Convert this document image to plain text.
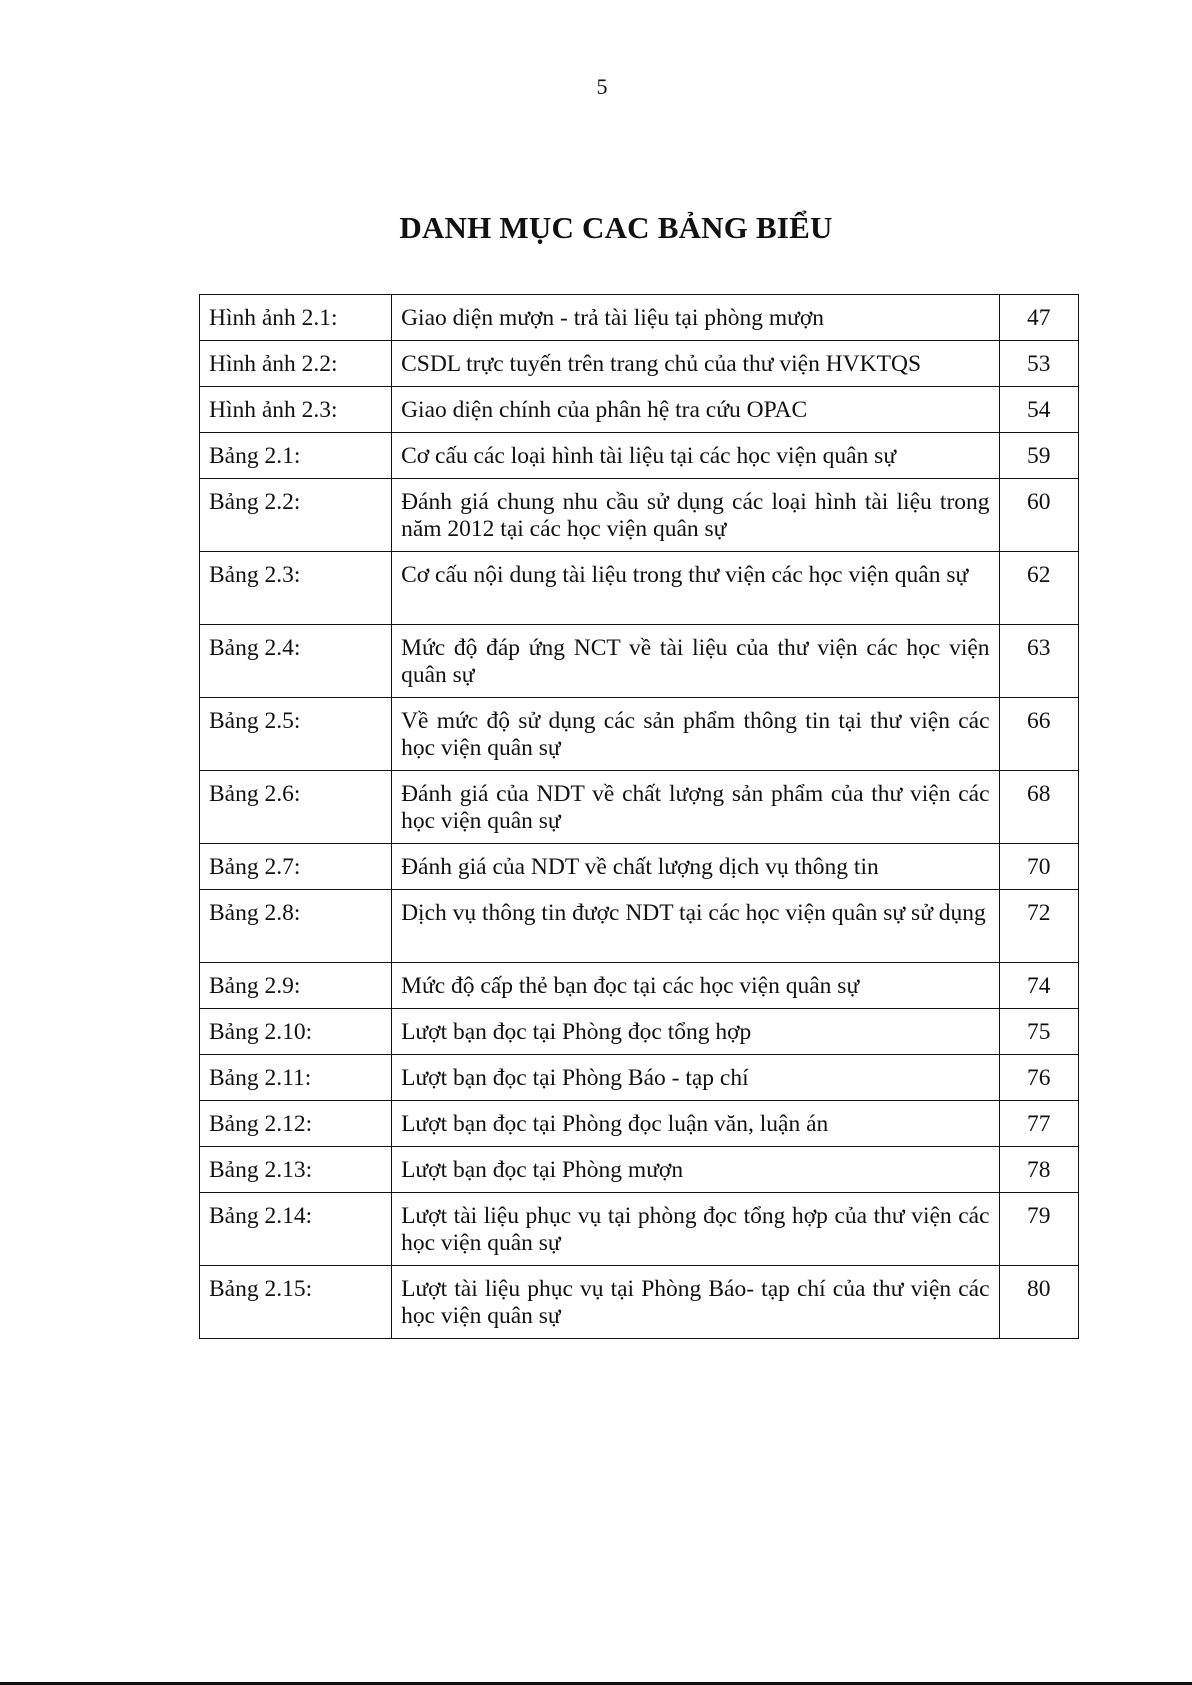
5
DANH MỤC CAC BẢNG BIỂU
Hình ảnh 2.1:	Giao diện mượn - trả tài liệu tại phòng mượn	47
Hình ảnh 2.2:	CSDL trực tuyến trên trang chủ của thư viện HVKTQS	53
Hình ảnh 2.3:	Giao diện chính của phân hệ tra cứu OPAC	54
Bảng 2.1:	Cơ cấu các loại hình tài liệu tại các học viện quân sự	59
Bảng 2.2:	Đánh giá chung nhu cầu sử dụng các loại hình tài liệu trong năm 2012 tại các học viện quân sự	60
Bảng 2.3:	Cơ cấu nội dung tài liệu trong thư viện các học viện quân sự	62
Bảng 2.4:	Mức độ đáp ứng NCT về tài liệu của thư viện các học viện quân sự	63
Bảng 2.5:	Về mức độ sử dụng các sản phẩm thông tin tại thư viện các học viện quân sự	66
Bảng 2.6:	Đánh giá của NDT về chất lượng sản phẩm của thư viện các học viện quân sự	68
Bảng 2.7:	Đánh giá của NDT về chất lượng dịch vụ thông tin	70
Bảng 2.8:	Dịch vụ thông tin được NDT tại các học viện quân sự sử dụng	72
Bảng 2.9:	Mức độ cấp thẻ bạn đọc tại các học viện quân sự	74
Bảng 2.10:	Lượt bạn đọc tại Phòng đọc tổng hợp	75
Bảng 2.11:	Lượt bạn đọc tại Phòng Báo - tạp chí	76
Bảng 2.12:	Lượt bạn đọc tại Phòng đọc luận văn, luận án	77
Bảng 2.13:	Lượt bạn đọc tại Phòng mượn	78
Bảng 2.14:	Lượt tài liệu phục vụ tại phòng đọc tổng hợp của thư viện các học viện quân sự	79
Bảng 2.15:	Lượt tài liệu phục vụ tại Phòng Báo- tạp chí của thư viện các học viện quân sự	80
